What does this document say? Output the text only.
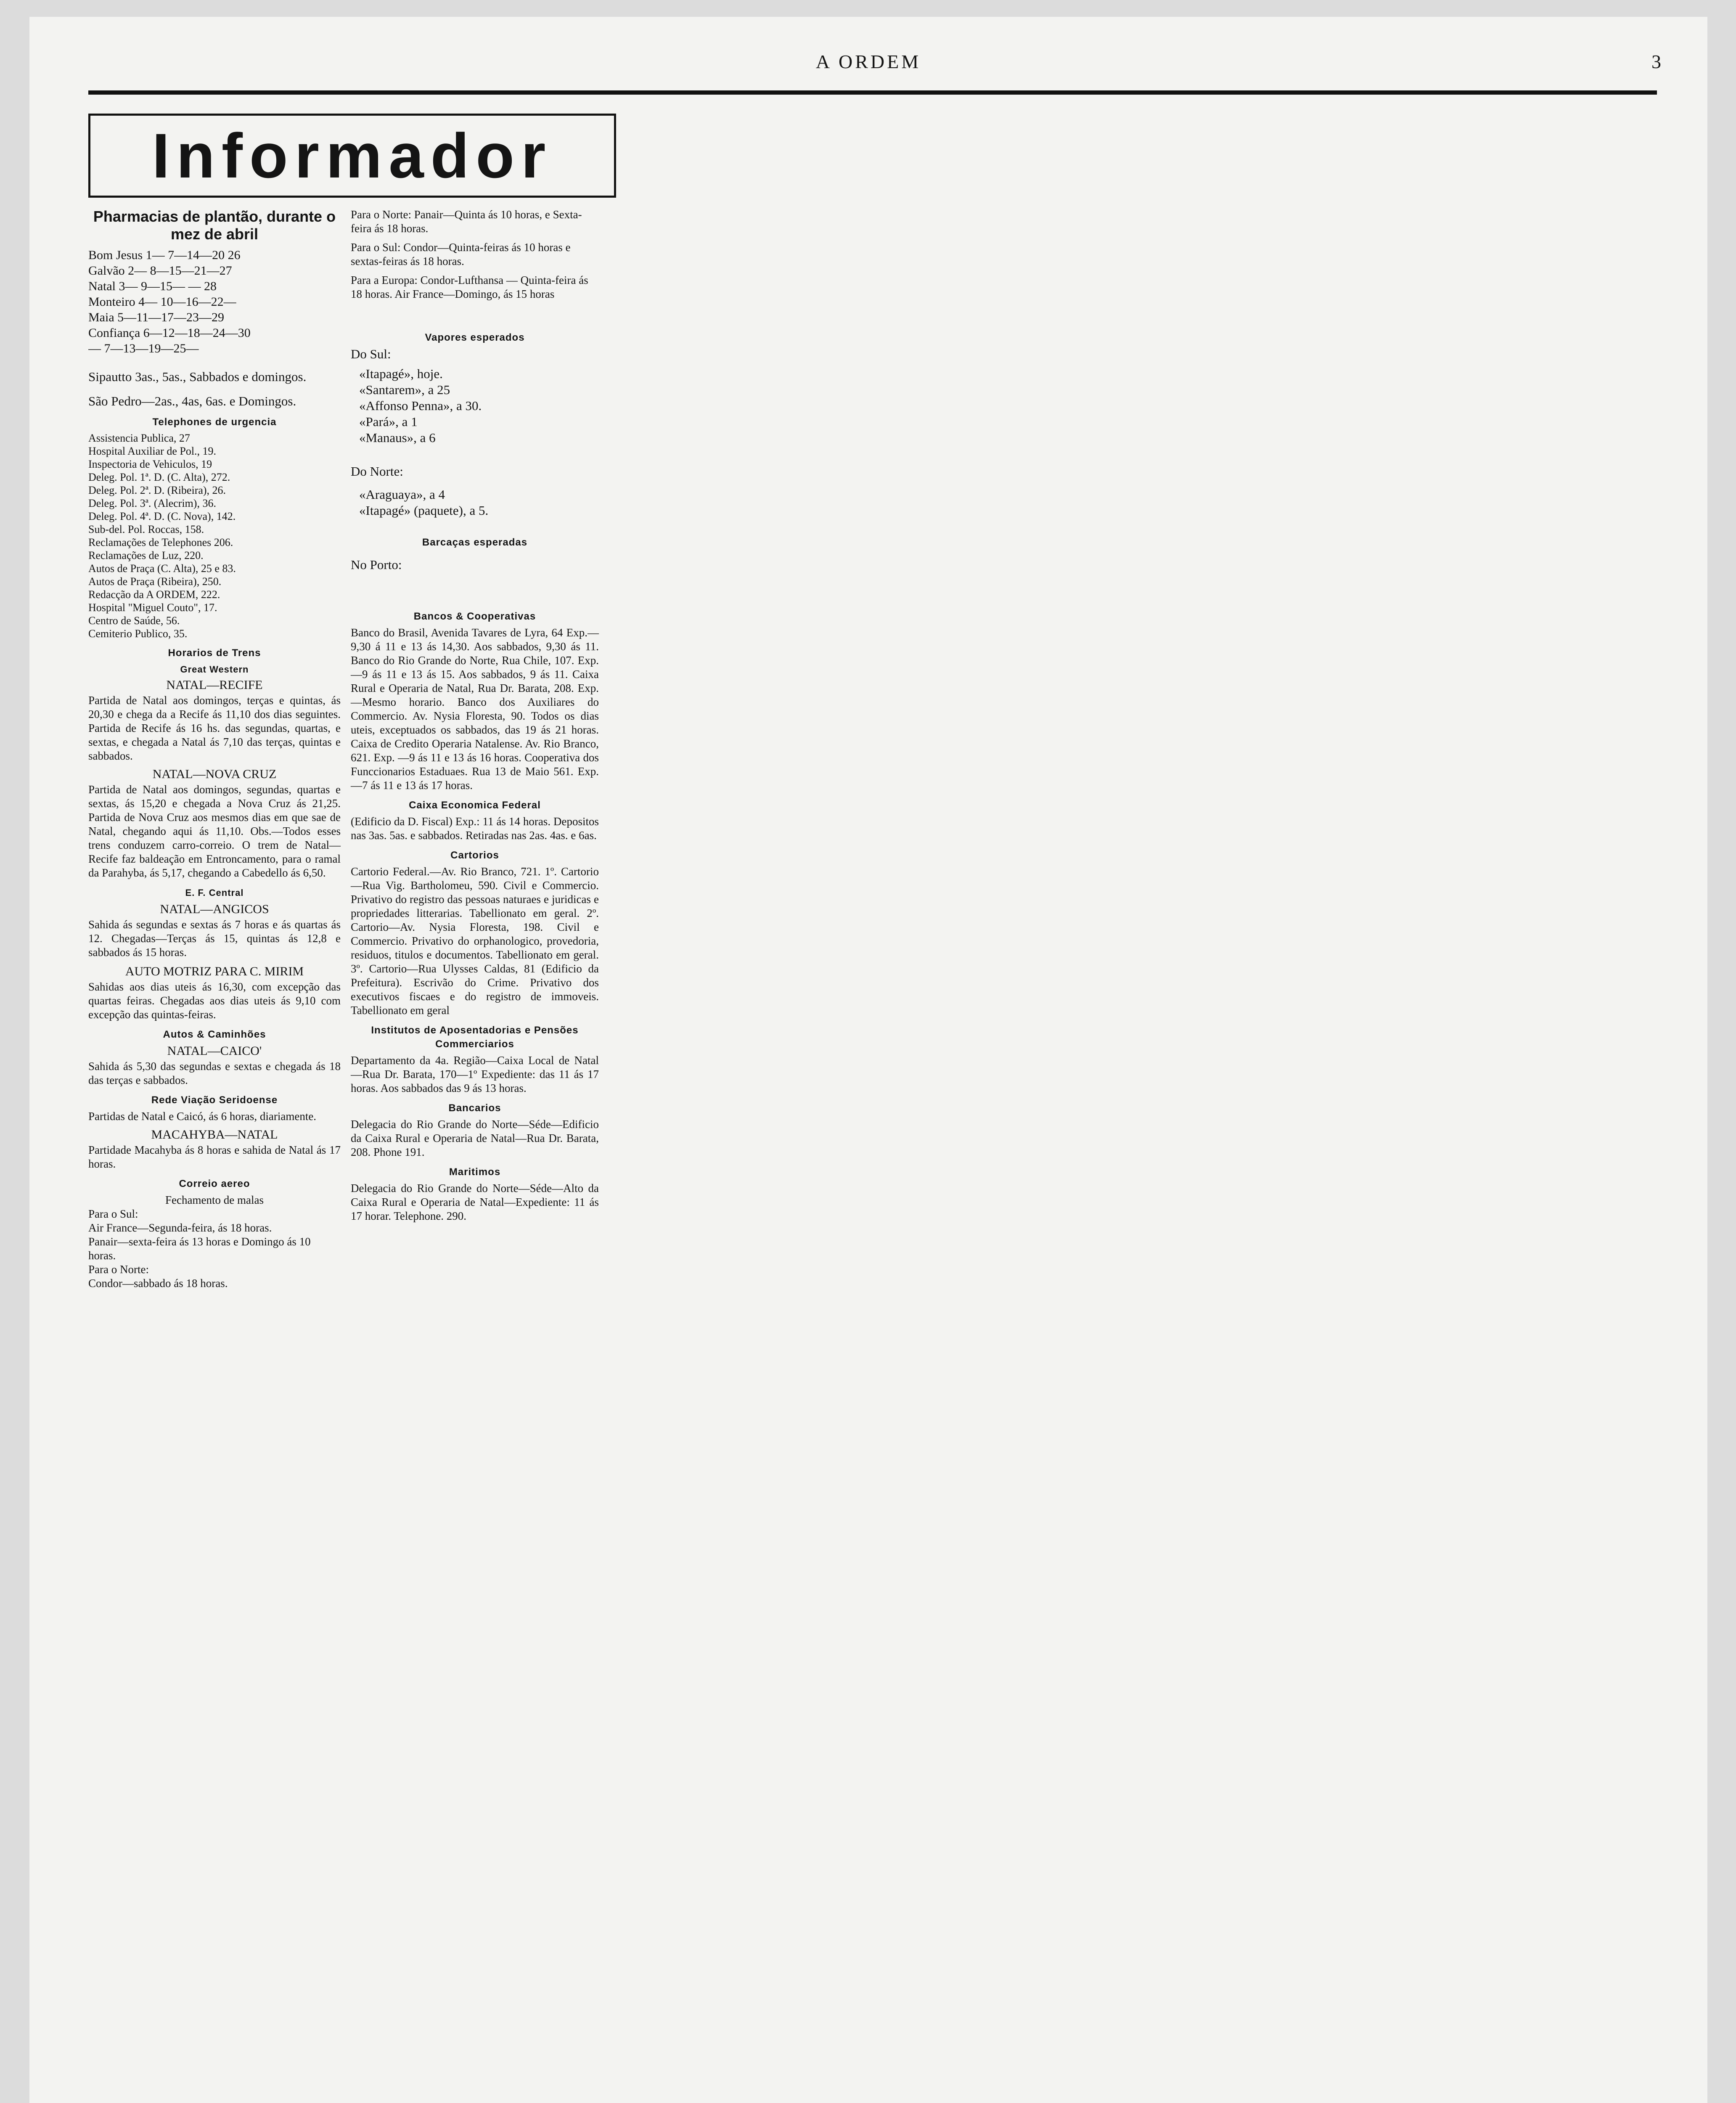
A ORDEM	3
Informador
Pharmacias de plantão, durante o mez de abril

Bom Jesus 1— 7—14—20 26

Galvão 2— 8—15—21—27

Natal 3— 9—15— — 28

Monteiro 4— 10—16—22—

Maia 5—11—17—23—29

Confiança 6—12—18—24—30

— 7—13—19—25—

Sipautto 3as., 5as., Sabbados e domingos.

São Pedro—2as., 4as, 6as. e Domingos.

Telephones de urgencia

Assistencia Publica, 27

Hospital Auxiliar de Pol., 19.

Inspectoria de Vehiculos, 19

Deleg. Pol. 1ª. D. (C. Alta), 272.

Deleg. Pol. 2ª. D. (Ribeira), 26.

Deleg. Pol. 3ª. (Alecrim), 36.

Deleg. Pol. 4ª. D. (C. Nova), 142.

Sub-del. Pol. Roccas, 158.

Reclamações de Telephones 206.

Reclamações de Luz, 220.

Autos de Praça (C. Alta), 25 e 83.

Autos de Praça (Ribeira), 250.

Redacção da A ORDEM, 222.

Hospital "Miguel Couto", 17.

Centro de Saúde, 56.

Cemiterio Publico, 35.

Horarios de Trens
Great Western
NATAL—RECIFE

Partida de Natal aos domingos, terças e quintas, ás 20,30 e chega da a Recife ás 11,10 dos dias seguintes. Partida de Recife ás 16 hs. das segundas, quartas, e sextas, e chegada a Natal ás 7,10 das terças, quintas e sabbados.

NATAL—NOVA CRUZ

Partida de Natal aos domingos, segundas, quartas e sextas, ás 15,20 e chegada a Nova Cruz ás 21,25. Partida de Nova Cruz aos mesmos dias em que sae de Natal, chegando aqui ás 11,10. Obs.—Todos esses trens conduzem carro-correio. O trem de Natal—Recife faz baldeação em Entroncamento, para o ramal da Parahyba, ás 5,17, chegando a Cabedello ás 6,50.

E. F. Central
NATAL—ANGICOS

Sahida ás segundas e sextas ás 7 horas e ás quartas ás 12. Chegadas—Terças ás 15, quintas ás 12,8 e sabbados ás 15 horas.

AUTO MOTRIZ PARA C. MIRIM

Sahidas aos dias uteis ás 16,30, com excepção das quartas feiras. Chegadas aos dias uteis ás 9,10 com excepção das quintas-feiras.

Autos & Caminhões
NATAL—CAICO'

Sahida ás 5,30 das segundas e sextas e chegada ás 18 das terças e sabbados.

Rede Viação Seridoense

Partidas de Natal e Caicó, ás 6 horas, diariamente.

MACAHYBA—NATAL

Partidade Macahyba ás 8 horas e sahida de Natal ás 17 horas.

Correio aereo

Fechamento de malas

Para o Sul:

Air France—Segunda-feira, ás 18 horas.

Panair—sexta-feira ás 13 horas e Domingo ás 10 horas.

Para o Norte:

Condor—sabbado ás 18 horas.

Para o Norte: Panair—Quinta ás 10 horas, e Sexta-feira ás 18 horas.

Para o Sul: Condor—Quinta-feiras ás 10 horas e sextas-feiras ás 18 horas.

Para a Europa: Condor-Lufthansa — Quinta-feira ás 18 horas. Air France—Domingo, ás 15 horas

Vapores esperados

Do Sul:

«Itapagé», hoje.

«Santarem», a 25

«Affonso Penna», a 30.

«Pará», a 1

«Manaus», a 6

Do Norte:

«Araguaya», a 4

«Itapagé» (paquete), a 5.

Barcaças esperadas

No Porto:

Bancos & Cooperativas

Banco do Brasil, Avenida Tavares de Lyra, 64 Exp.—9,30 á 11 e 13 ás 14,30. Aos sabbados, 9,30 ás 11. Banco do Rio Grande do Norte, Rua Chile, 107. Exp.—9 ás 11 e 13 ás 15. Aos sabbados, 9 ás 11. Caixa Rural e Operaria de Natal, Rua Dr. Barata, 208. Exp.—Mesmo horario. Banco dos Auxiliares do Commercio. Av. Nysia Floresta, 90. Todos os dias uteis, exceptuados os sabbados, das 19 ás 21 horas. Caixa de Credito Operaria Natalense. Av. Rio Branco, 621. Exp. —9 ás 11 e 13 ás 16 horas. Cooperativa dos Funccionarios Estaduaes. Rua 13 de Maio 561. Exp.—7 ás 11 e 13 ás 17 horas.

Caixa Economica Federal

(Edificio da D. Fiscal) Exp.: 11 ás 14 horas. Depositos nas 3as. 5as. e sabbados. Retiradas nas 2as. 4as. e 6as.

Cartorios

Cartorio Federal.—Av. Rio Branco, 721. 1º. Cartorio—Rua Vig. Bartholomeu, 590. Civil e Commercio. Privativo do registro das pessoas naturaes e juridicas e propriedades litterarias. Tabellionato em geral. 2º. Cartorio—Av. Nysia Floresta, 198. Civil e Commercio. Privativo do orphanologico, provedoria, residuos, titulos e documentos. Tabellionato em geral. 3º. Cartorio—Rua Ulysses Caldas, 81 (Edificio da Prefeitura). Escrivão do Crime. Privativo dos executivos fiscaes e do registro de immoveis. Tabellionato em geral

Institutos de Aposentadorias e Pensões Commerciarios

Departamento da 4a. Região—Caixa Local de Natal—Rua Dr. Barata, 170—1º Expediente: das 11 ás 17 horas. Aos sabbados das 9 ás 13 horas.

Bancarios

Delegacia do Rio Grande do Norte—Séde—Edificio da Caixa Rural e Operaria de Natal—Rua Dr. Barata, 208. Phone 191.

Maritimos

Delegacia do Rio Grande do Norte—Séde—Alto da Caixa Rural e Operaria de Natal—Expediente: 11 ás 17 horar. Telephone. 290.
